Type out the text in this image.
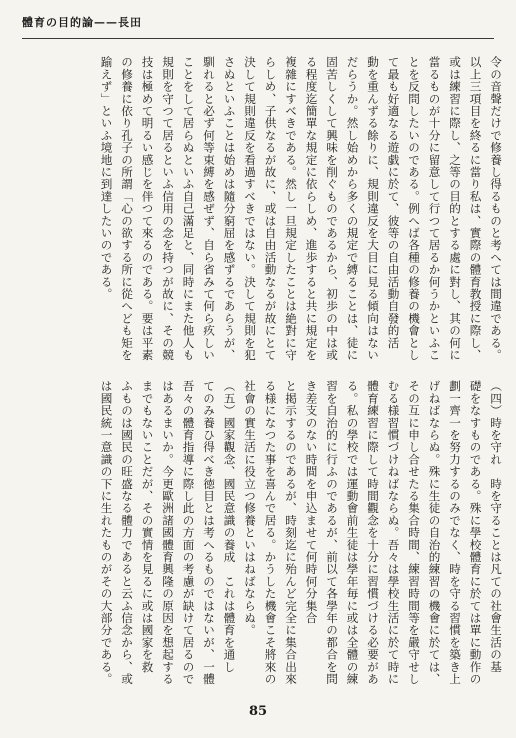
體育の目的論——長田
令の音聲だけで修養し得るものと考へては間違である。
以上三項目を終るに當り私は、實際の體育教授に際し、
或は練習に際し、之等の目的とする處に對し、其の何に
當るものが十分に留意して行つて居るか何うかといふこ
とを反問したいのである。例へば各種の修養の機會とし
て最も好適なる遊戯に於て、彼等の自由活動自發的活
動を重んずる餘りに、規則違反を大目に見る傾向はない
だらうか。然し始めから多くの規定で縛ることは、徒に
固苦しくして興味を削ぐものであるから、初歩の中は或
る程度迄簡單な規定に依らしめ、進歩すると共に規定を
複雜にすべきである。然し一旦規定したことは絶對に守
らしめ、子供なるが故に、或は自由活動なるが故にとて
決して規則違反を看過すべきではない。決して規則を犯
さぬといふことは始めは隨分窮屈を感ずるであらうが、
馴れると必ず何等束縛を感ぜず、自ら省みて何ら疚しい
ことをして居らぬといふ自己滿足と、同時にまた他人も
規則を守つて居るといふ信用の念を持つが故に、その競
技は極めて明るい感じを伴つて來るのである。要は平素
の修養に依り孔子の所謂「心の欲する所に從へども矩を
踰えず」といふ境地に到達したいのである。
（四）時を守れ　時を守ることは凡ての社會生活の基
礎をなすものである。殊に學校體育に於ては單に動作の
劃一齊一を努力するのみでなく、時を守る習慣を築き上
げねばならぬ。殊に生徒の自治的練習の機會に於ては、
その互に申し合せたる集合時間、練習時間等を嚴守せし
むる様習慣づけねばならぬ。吾々は學校生活に於て時に
體育練習に際して時間觀念を十分に習慣づける必要があ
る。私の學校では運動會前生徒は學年毎に或は全體の練
習を自治的に行ふのであるが、前以て各學年の都合を問
き差支のない時間を申込ませて何時何分集合
と掲示するのであるが、時刻迄に殆んど完全に集合出來
る様になつた事を喜んで居る。かうした機會こそ將來の
社會の實生活に役立つ修養といはねばならぬ。
（五）國家觀念、國民意識の養成　これは體育を通し
てのみ養ひ得べき徳目とは考へるものではないが、一體
吾々の體育指導に際し此の方面の考慮が缺けて居るので
はあるまいか。今更歐洲諸國體育興隆の原因を想起する
までもないことだが、その實情を見るに或は國家を救
ふものは國民の旺盛なる體力であると云ふ信念から、或
は國民統一意識の下に生れたものがその大部分である。
85
